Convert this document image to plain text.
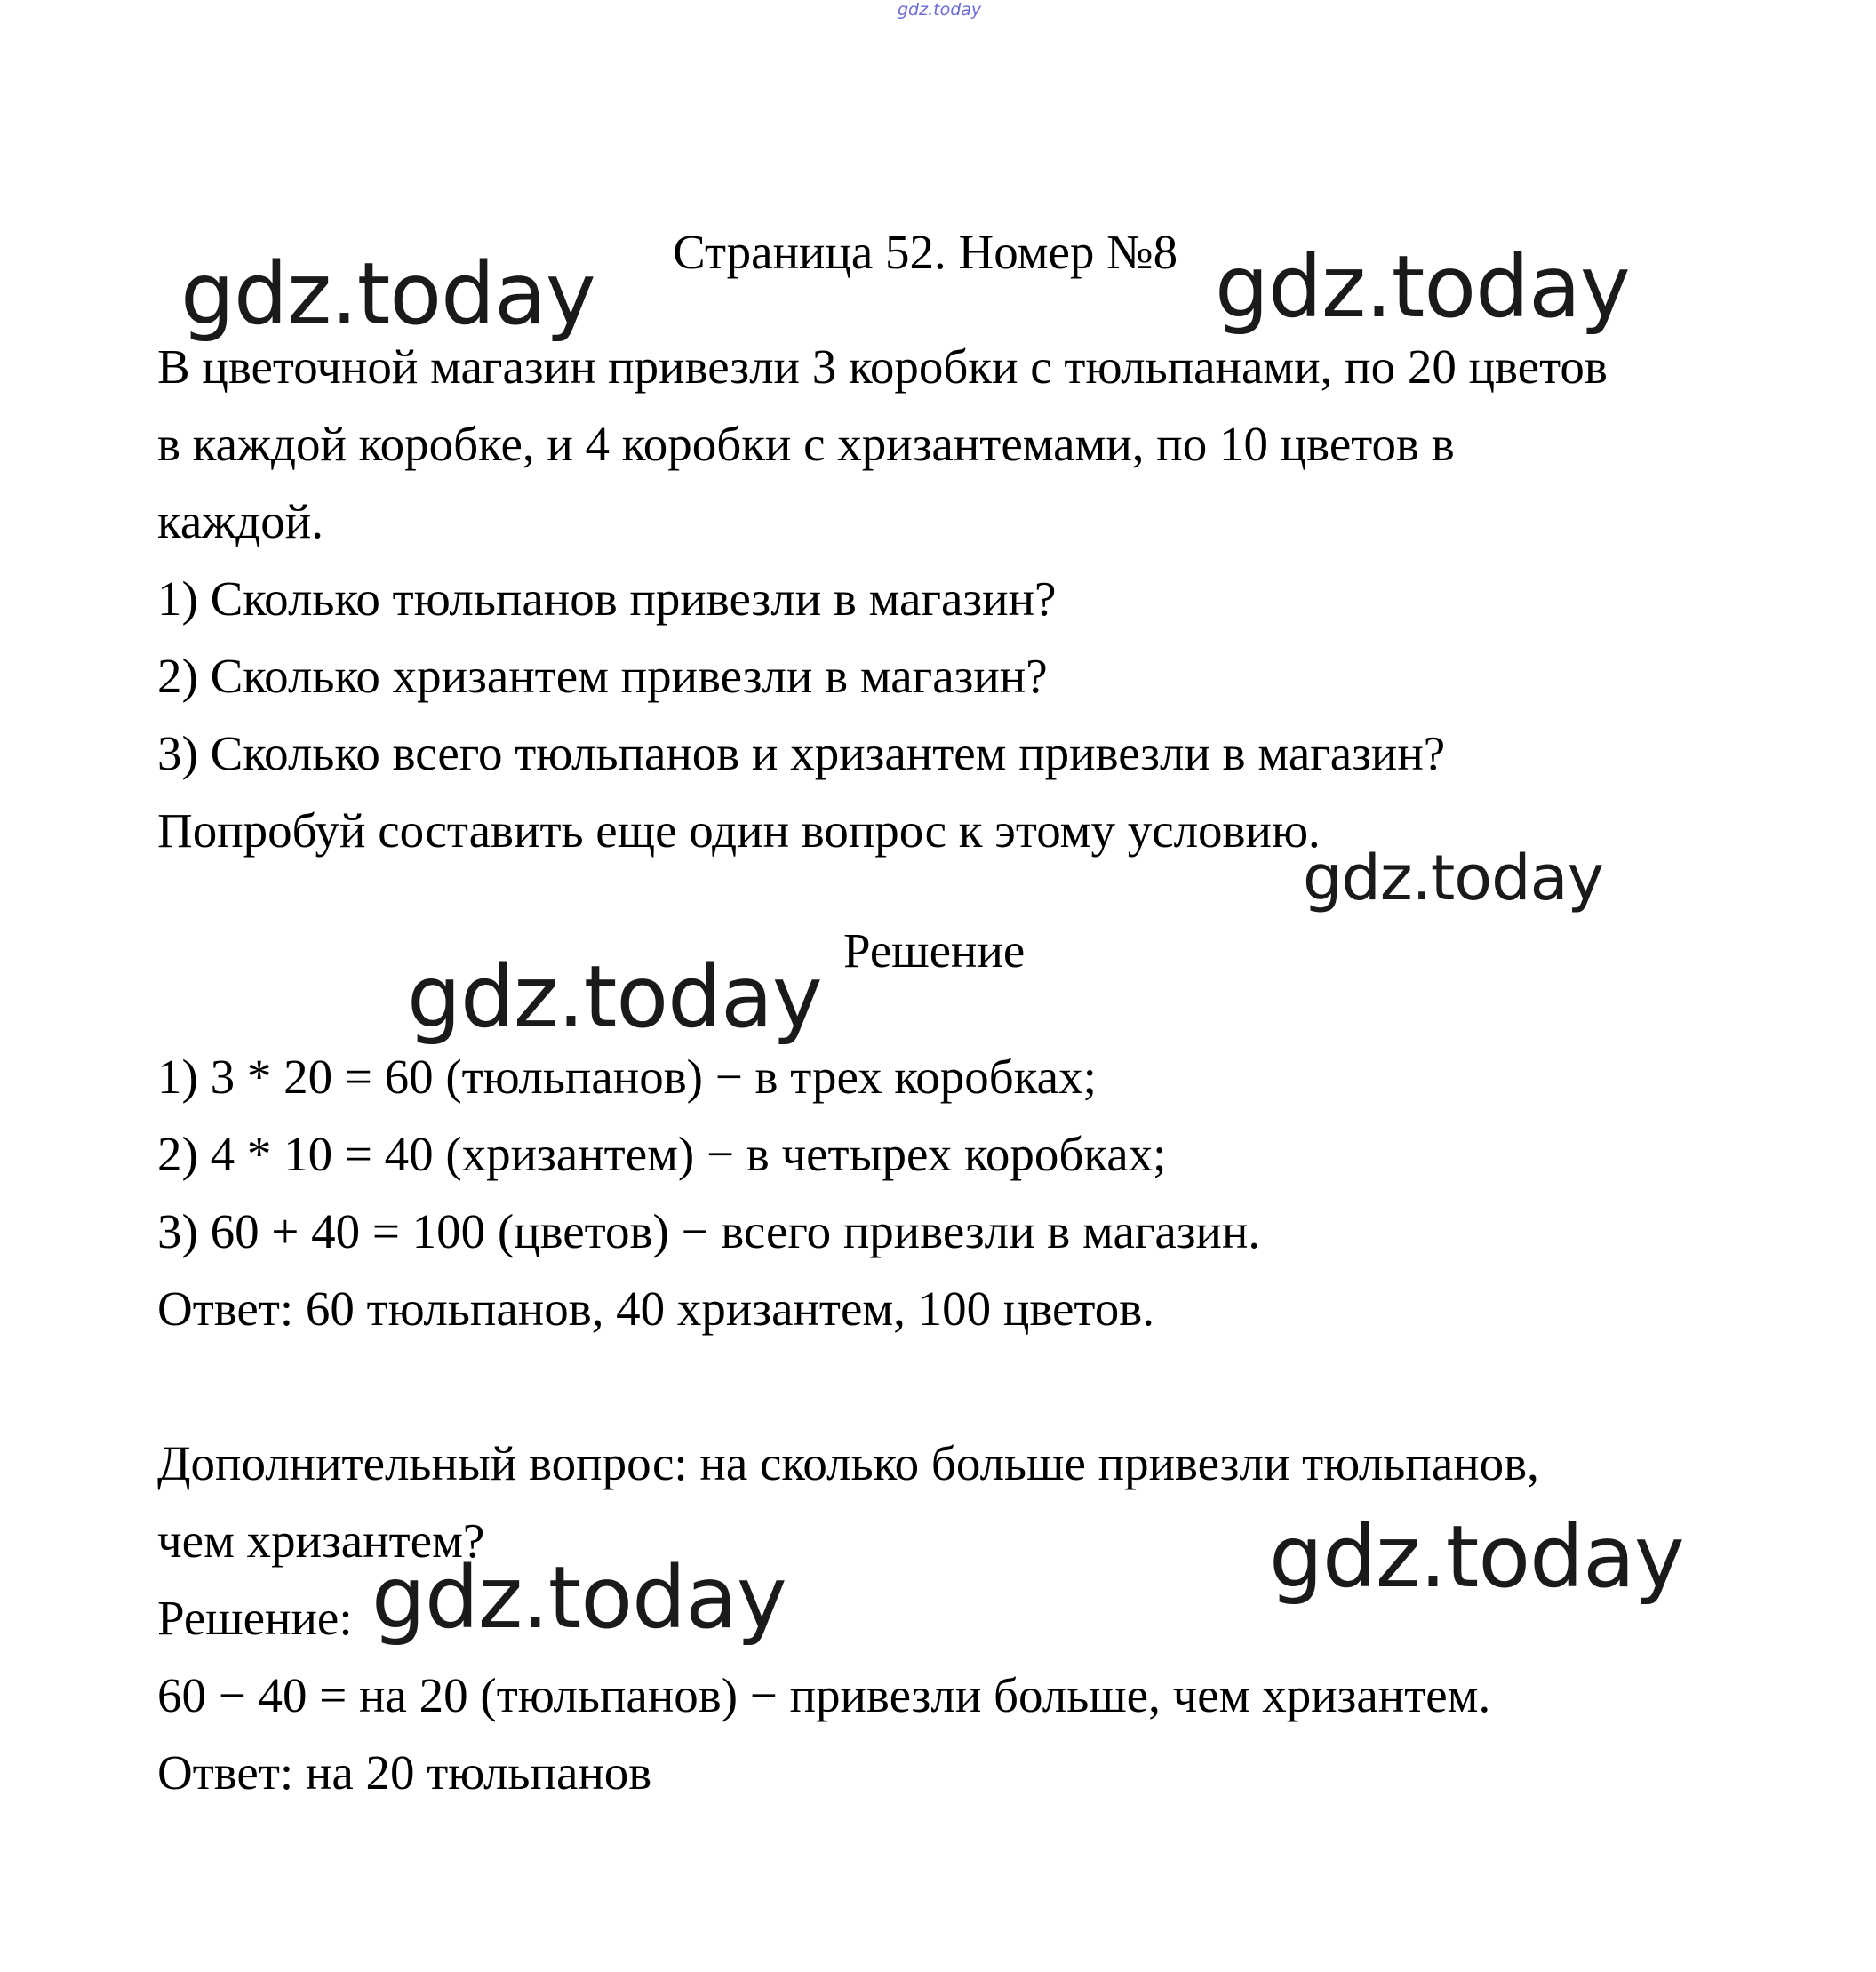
gdz.today
Страница 52. Номер №8
В цветочной магазин привезли 3 коробки с тюльпанами, по 20 цветов
в каждой коробке, и 4 коробки с хризантемами, по 10 цветов в
каждой.
1) Сколько тюльпанов привезли в магазин?
2) Сколько хризантем привезли в магазин?
3) Сколько всего тюльпанов и хризантем привезли в магазин?
Попробуй составить еще один вопрос к этому условию.
Решение
1) 3 * 20 = 60 (тюльпанов) − в трех коробках;
2) 4 * 10 = 40 (хризантем) − в четырех коробках;
3) 60 + 40 = 100 (цветов) − всего привезли в магазин.
Ответ: 60 тюльпанов, 40 хризантем, 100 цветов.
Дополнительный вопрос: на сколько больше привезли тюльпанов,
чем хризантем?
Решение:
60 − 40 = на 20 (тюльпанов) − привезли больше, чем хризантем.
Ответ: на 20 тюльпанов
gdz.today	gdz.today
gdz.today
gdz.today
gdz.today
gdz.today
